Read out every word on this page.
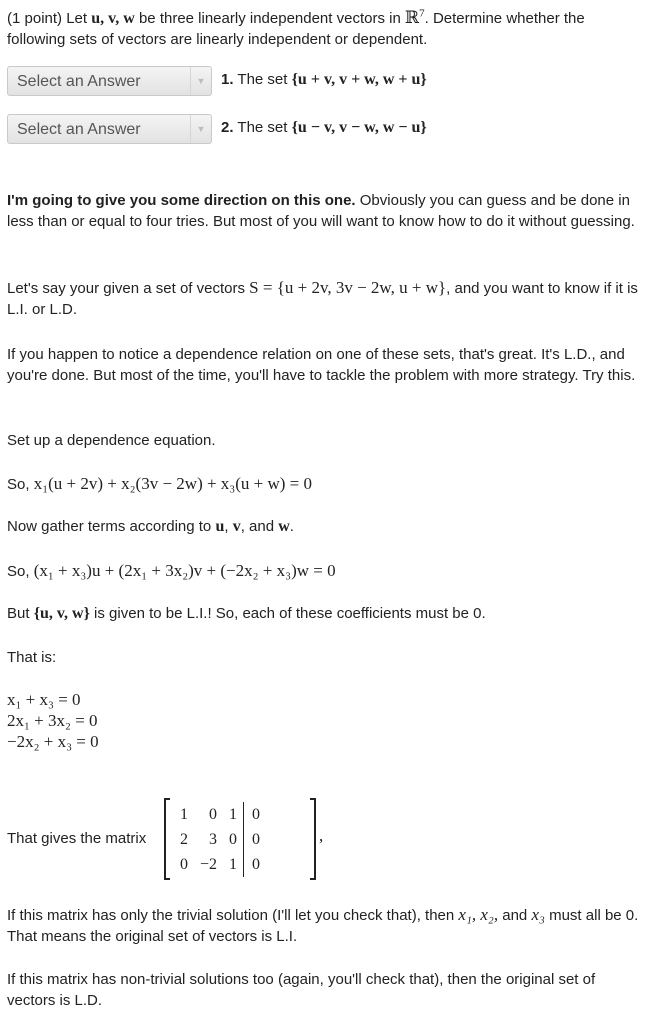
(1 point) Let u, v, w be three linearly independent vectors in ℝ$^7$. Determine whether the following sets of vectors are linearly independent or dependent.
Select an Answer	▼	1. The set {u + v, v + w, w + u}
Select an Answer	▼	2. The set {u − v, v − w, w − u}
I'm going to give you some direction on this one. Obviously you can guess and be done in less than or equal to four tries. But most of you will want to know how to do it without guessing.
Let's say your given a set of vectors S = {u + 2v, 3v − 2w, u + w}, and you want to know if it is L.I. or L.D.
If you happen to notice a dependence relation on one of these sets, that's great. It's L.D., and you're done. But most of the time, you'll have to tackle the problem with more strategy. Try this.
Set up a dependence equation.
So, x₁(u + 2v) + x₂(3v − 2w) + x₃(u + w) = 0
Now gather terms according to u, v, and w.
So, (x₁ + x₃)u + (2x₁ + 3x₂)v + (−2x₂ + x₃)w = 0
But {u, v, w} is given to be L.I.! So, each of these coefficients must be 0.
That is:
x₁ + x₃ = 0
2x₁ + 3x₂ = 0
−2x₂ + x₃ = 0
That gives the matrix
1	0	1	0
2	3	0	0
0	−2	1	0
,
If this matrix has only the trivial solution (I'll let you check that), then x₁, x₂, and x₃ must all be 0. That means the original set of vectors is L.I.
If this matrix has non-trivial solutions too (again, you'll check that), then the original set of vectors is L.D.
